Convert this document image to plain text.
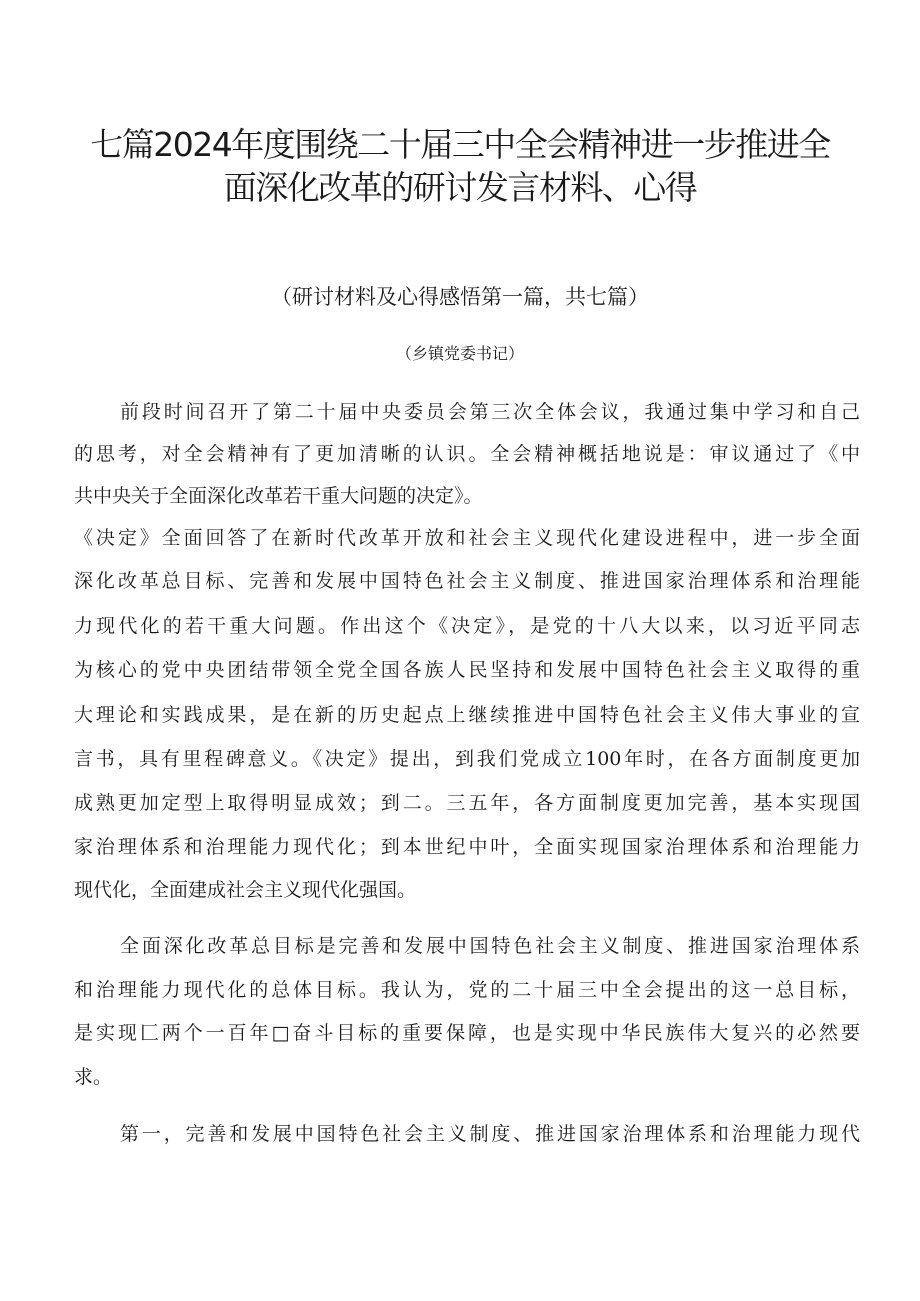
七篇2024年度围绕二十届三中全会精神进一步推进全
面深化改革的研讨发言材料、心得
（研讨材料及心得感悟第一篇，共七篇）
（乡镇党委书记）
前段时间召开了第二十届中央委员会第三次全体会议，我通过集中学习和自己
的思考，对全会精神有了更加清晰的认识。全会精神概括地说是：审议通过了《中
共中央关于全面深化改革若干重大问题的决定》。
《决定》全面回答了在新时代改革开放和社会主义现代化建设进程中，进一步全面
深化改革总目标、完善和发展中国特色社会主义制度、推进国家治理体系和治理能
力现代化的若干重大问题。作出这个《决定》，是党的十八大以来，以习近平同志
为核心的党中央团结带领全党全国各族人民坚持和发展中国特色社会主义取得的重
大理论和实践成果，是在新的历史起点上继续推进中国特色社会主义伟大事业的宣
言书，具有里程碑意义。《决定》提出，到我们党成立100年时，在各方面制度更加
成熟更加定型上取得明显成效；到二。三五年，各方面制度更加完善，基本实现国
家治理体系和治理能力现代化；到本世纪中叶，全面实现国家治理体系和治理能力
现代化，全面建成社会主义现代化强国。
全面深化改革总目标是完善和发展中国特色社会主义制度、推进国家治理体系
和治理能力现代化的总体目标。我认为，党的二十届三中全会提出的这一总目标，
是实现匚两个一百年□奋斗目标的重要保障，也是实现中华民族伟大复兴的必然要
求。
第一，完善和发展中国特色社会主义制度、推进国家治理体系和治理能力现代
